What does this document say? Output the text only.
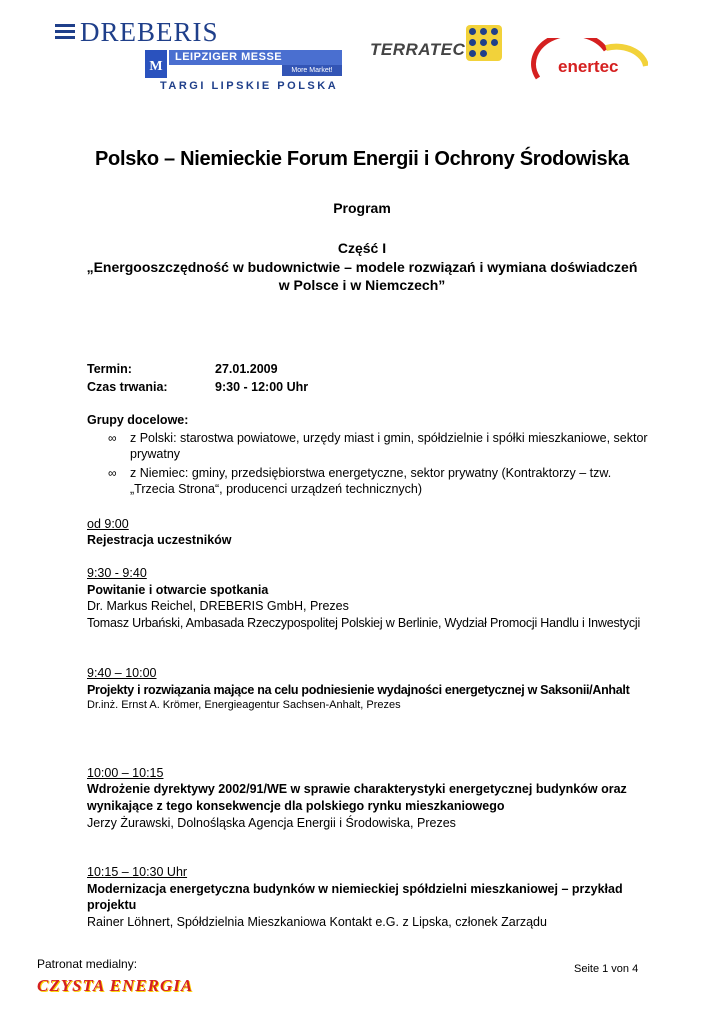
DREBERIS
M
LEIPZIGER MESSE
More Market!
TARGI LIPSKIE POLSKA
TERRATEC
enertec
Polsko – Niemieckie Forum Energii i Ochrony Środowiska
Program
Część I
„Energooszczędność w budownictwie – modele rozwiązań i wymiana doświadczeń
w Polsce i w Niemczech”
Termin:	27.01.2009
Czas trwania:	9:30 - 12:00 Uhr
Grupy docelowe:
∞ z Polski: starostwa powiatowe, urzędy miast i gmin, spółdzielnie i spółki mieszkaniowe, sektor
prywatny
∞ z Niemiec: gminy, przedsiębiorstwa energetyczne, sektor prywatny (Kontraktorzy – tzw.
„Trzecia Strona“, producenci urządzeń technicznych)
od 9:00
Rejestracja uczestników
9:30 - 9:40
Powitanie i otwarcie spotkania
Dr. Markus Reichel, DREBERIS GmbH, Prezes
Tomasz Urbański, Ambasada Rzeczypospolitej Polskiej w Berlinie, Wydział Promocji Handlu i Inwestycji
9:40 – 10:00
Projekty i rozwiązania mające na celu podniesienie wydajności energetycznej w Saksonii/Anhalt
Dr.inż. Ernst A. Krömer, Energieagentur Sachsen-Anhalt, Prezes
10:00 – 10:15
Wdrożenie dyrektywy 2002/91/WE w sprawie charakterystyki energetycznej budynków oraz
wynikające z tego konsekwencje dla polskiego rynku mieszkaniowego
Jerzy Żurawski, Dolnośląska Agencja Energii i Środowiska, Prezes
10:15 – 10:30 Uhr
Modernizacja energetyczna budynków w niemieckiej spółdzielni mieszkaniowej – przykład
projektu
Rainer Löhnert, Spółdzielnia Mieszkaniowa Kontakt e.G. z Lipska, członek Zarządu
Patronat medialny:
CZYSTA ENERGIA
Seite 1 von 4
